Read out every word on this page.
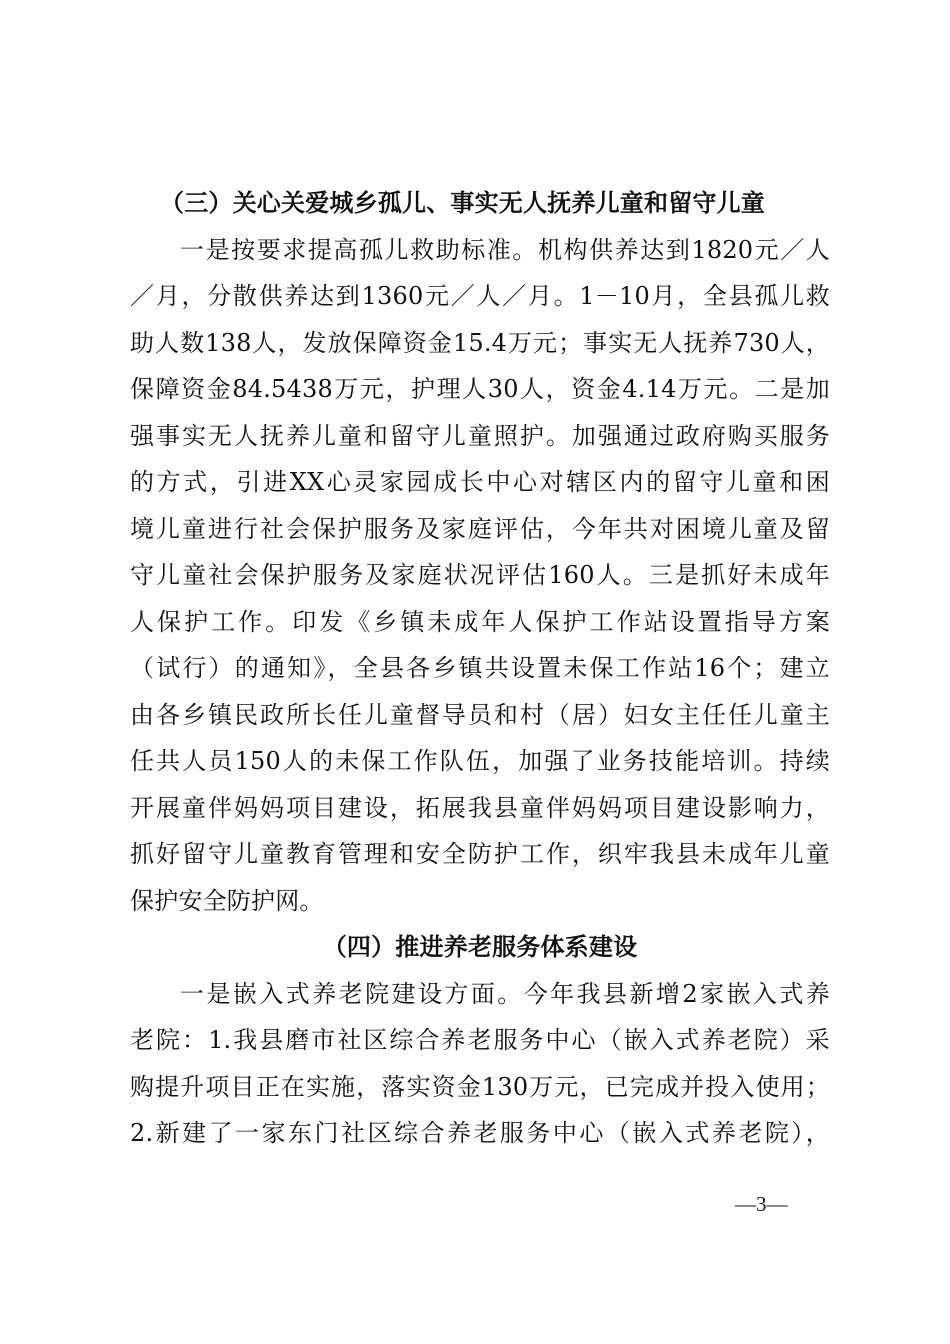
（三）关心关爱城乡孤儿、事实无人抚养儿童和留守儿童
一是按要求提高孤儿救助标准。机构供养达到1820元／人
／月，分散供养达到1360元／人／月。1－10月，全县孤儿救
助人数138人，发放保障资金15.4万元；事实无人抚养730人，
保障资金84.5438万元，护理人30人，资金4.14万元。二是加
强事实无人抚养儿童和留守儿童照护。加强通过政府购买服务
的方式，引进XX心灵家园成长中心对辖区内的留守儿童和困
境儿童进行社会保护服务及家庭评估，今年共对困境儿童及留
守儿童社会保护服务及家庭状况评估160人。三是抓好未成年
人保护工作。印发《乡镇未成年人保护工作站设置指导方案
（试行）的通知》，全县各乡镇共设置未保工作站16个；建立
由各乡镇民政所长任儿童督导员和村（居）妇女主任任儿童主
任共人员150人的未保工作队伍，加强了业务技能培训。持续
开展童伴妈妈项目建设，拓展我县童伴妈妈项目建设影响力，
抓好留守儿童教育管理和安全防护工作，织牢我县未成年儿童
保护安全防护网。
（四）推进养老服务体系建设
一是嵌入式养老院建设方面。今年我县新增2家嵌入式养
老院：1.我县磨市社区综合养老服务中心（嵌入式养老院）采
购提升项目正在实施，落实资金130万元，已完成并投入使用；
2.新建了一家东门社区综合养老服务中心（嵌入式养老院），
—3—
